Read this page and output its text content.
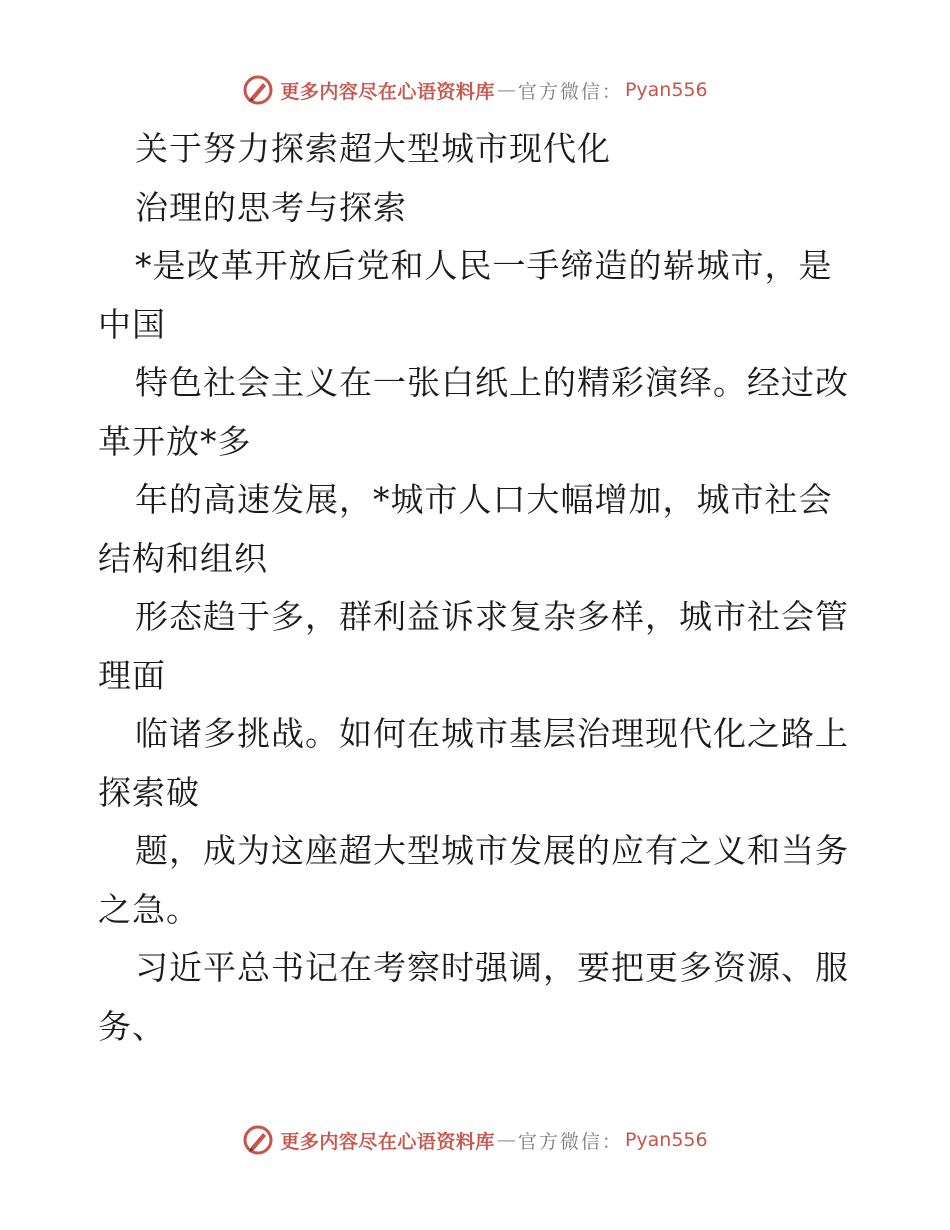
更多内容尽在心语资料库 — 官方微信： Pyan556
关于努力探索超大型城市现代化
治理的思考与探索
*是改革开放后党和人民一手缔造的崭城市，是
中国
特色社会主义在一张白纸上的精彩演绎。经过改
革开放*多
年的高速发展，*城市人口大幅增加，城市社会
结构和组织
形态趋于多，群利益诉求复杂多样，城市社会管
理面
临诸多挑战。如何在城市基层治理现代化之路上
探索破
题，成为这座超大型城市发展的应有之义和当务
之急。
习近平总书记在考察时强调，要把更多资源、服
务、
更多内容尽在心语资料库 — 官方微信： Pyan556
